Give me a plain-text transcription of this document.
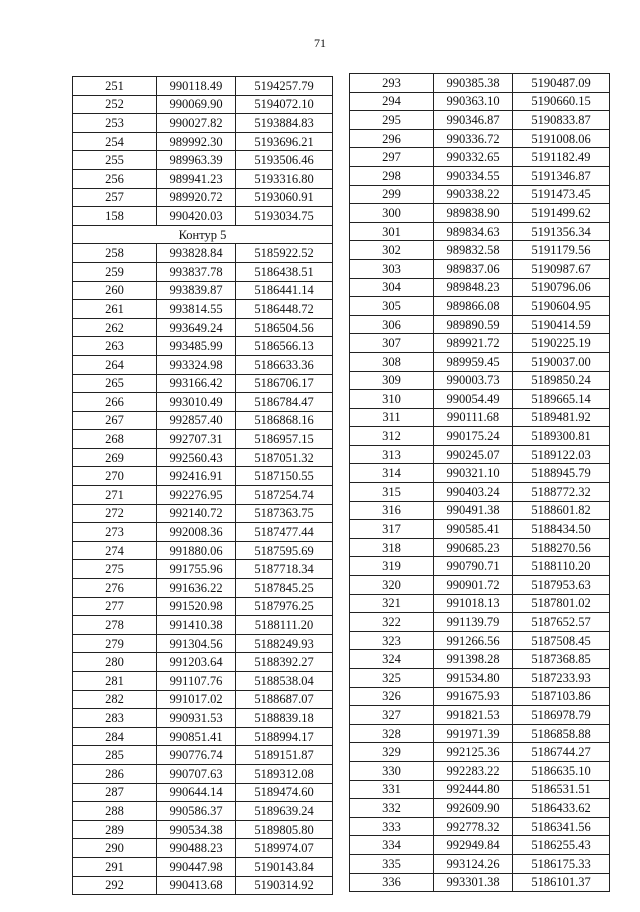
71
251	990118.49	5194257.79
252	990069.90	5194072.10
253	990027.82	5193884.83
254	989992.30	5193696.21
255	989963.39	5193506.46
256	989941.23	5193316.80
257	989920.72	5193060.91
158	990420.03	5193034.75
Контур 5		
258	993828.84	5185922.52
259	993837.78	5186438.51
260	993839.87	5186441.14
261	993814.55	5186448.72
262	993649.24	5186504.56
263	993485.99	5186566.13
264	993324.98	5186633.36
265	993166.42	5186706.17
266	993010.49	5186784.47
267	992857.40	5186868.16
268	992707.31	5186957.15
269	992560.43	5187051.32
270	992416.91	5187150.55
271	992276.95	5187254.74
272	992140.72	5187363.75
273	992008.36	5187477.44
274	991880.06	5187595.69
275	991755.96	5187718.34
276	991636.22	5187845.25
277	991520.98	5187976.25
278	991410.38	5188111.20
279	991304.56	5188249.93
280	991203.64	5188392.27
281	991107.76	5188538.04
282	991017.02	5188687.07
283	990931.53	5188839.18
284	990851.41	5188994.17
285	990776.74	5189151.87
286	990707.63	5189312.08
287	990644.14	5189474.60
288	990586.37	5189639.24
289	990534.38	5189805.80
290	990488.23	5189974.07
291	990447.98	5190143.84
292	990413.68	5190314.92
293	990385.38	5190487.09
294	990363.10	5190660.15
295	990346.87	5190833.87
296	990336.72	5191008.06
297	990332.65	5191182.49
298	990334.55	5191346.87
299	990338.22	5191473.45
300	989838.90	5191499.62
301	989834.63	5191356.34
302	989832.58	5191179.56
303	989837.06	5190987.67
304	989848.23	5190796.06
305	989866.08	5190604.95
306	989890.59	5190414.59
307	989921.72	5190225.19
308	989959.45	5190037.00
309	990003.73	5189850.24
310	990054.49	5189665.14
311	990111.68	5189481.92
312	990175.24	5189300.81
313	990245.07	5189122.03
314	990321.10	5188945.79
315	990403.24	5188772.32
316	990491.38	5188601.82
317	990585.41	5188434.50
318	990685.23	5188270.56
319	990790.71	5188110.20
320	990901.72	5187953.63
321	991018.13	5187801.02
322	991139.79	5187652.57
323	991266.56	5187508.45
324	991398.28	5187368.85
325	991534.80	5187233.93
326	991675.93	5187103.86
327	991821.53	5186978.79
328	991971.39	5186858.88
329	992125.36	5186744.27
330	992283.22	5186635.10
331	992444.80	5186531.51
332	992609.90	5186433.62
333	992778.32	5186341.56
334	992949.84	5186255.43
335	993124.26	5186175.33
336	993301.38	5186101.37
